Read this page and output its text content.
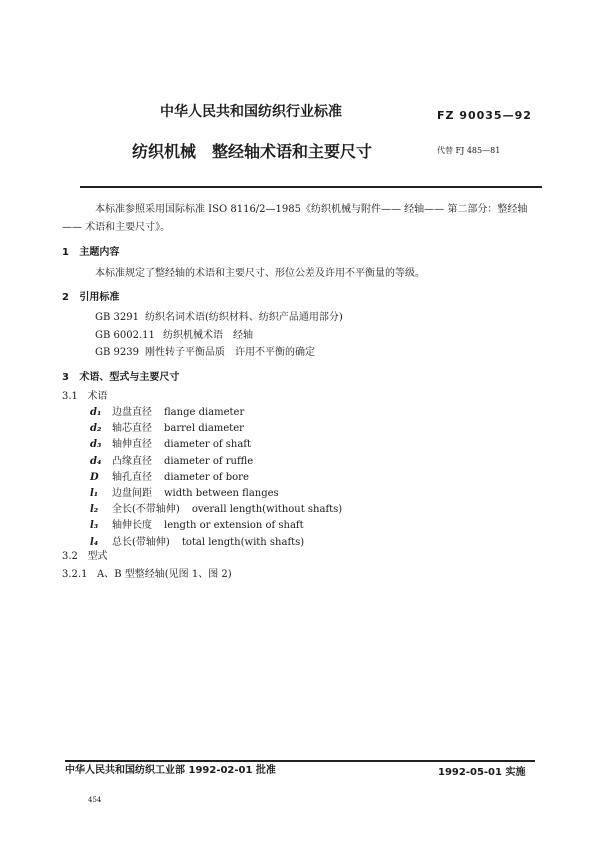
中华人民共和国纺织行业标准	FZ 90035—92
纺织机械　整经轴术语和主要尺寸	代替 FJ 485—81
本标准参照采用国际标准 ISO 8116/2—1985《纺织机械与附件—— 经轴—— 第二部分：整经轴
—— 术语和主要尺寸》。
1 主题内容
本标准规定了整经轴的术语和主要尺寸、形位公差及许用不平衡量的等级。
2 引用标准
GB 3291 纺织名词术语(纺织材料、纺织产品通用部分)
GB 6002.11 纺织机械术语　经轴
GB 9239 刚性转子平衡品质　许用不平衡的确定
3 术语、型式与主要尺寸
3.1 术语
d₁ 边盘直径 flange diameter
d₂ 轴芯直径 barrel diameter
d₃ 轴伸直径 diameter of shaft
d₄ 凸缘直径 diameter of ruffle
D 轴孔直径 diameter of bore
l₁ 边盘间距 width between flanges
l₂ 全长(不带轴伸) overall length(without shafts)
l₃ 轴伸长度 length or extension of shaft
l₄ 总长(带轴伸) total length(with shafts)
3.2 型式
3.2.1 A、B 型整经轴(见图 1、图 2)
中华人民共和国纺织工业部 1992-02-01 批准	1992-05-01 实施
454
